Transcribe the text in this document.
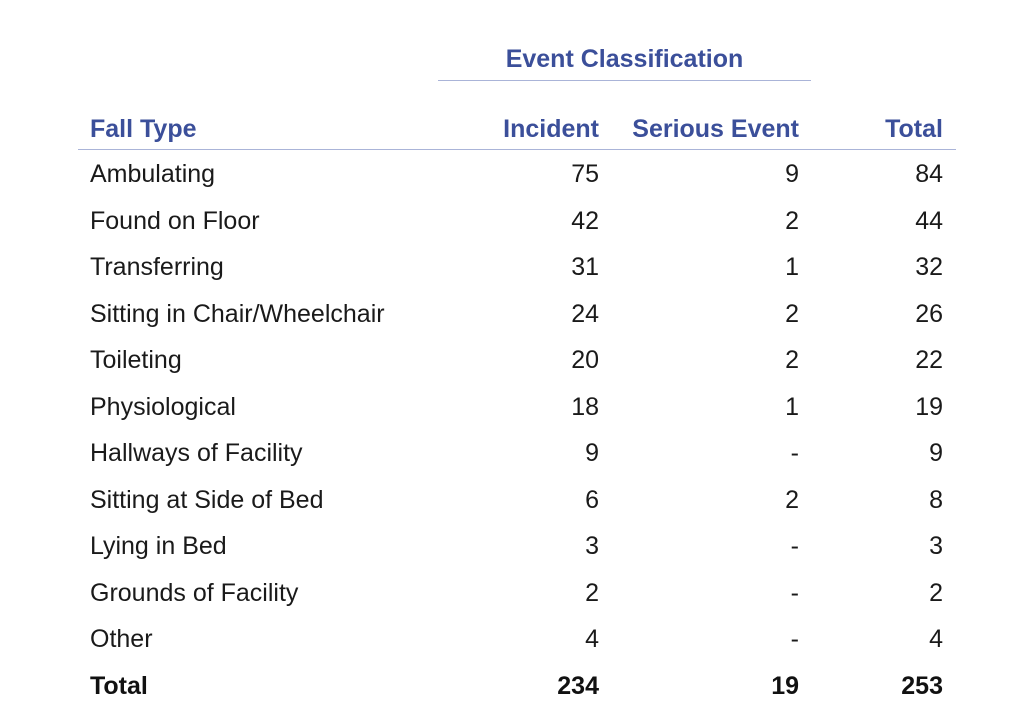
Event Classification
Fall Type	Incident	Serious Event	Total
Ambulating	75	9	84
Found on Floor	42	2	44
Transferring	31	1	32
Sitting in Chair/Wheelchair	24	2	26
Toileting	20	2	22
Physiological	18	1	19
Hallways of Facility	9	-	9
Sitting at Side of Bed	6	2	8
Lying in Bed	3	-	3
Grounds of Facility	2	-	2
Other	4	-	4
Total	234	19	253
